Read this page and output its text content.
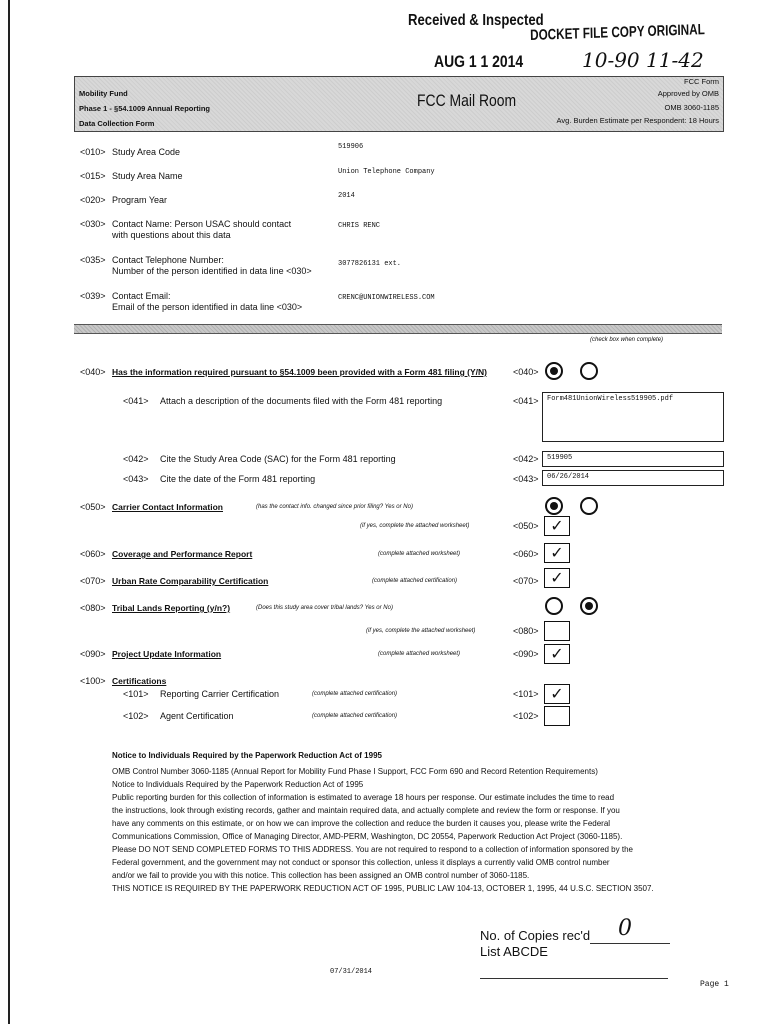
Received & Inspected
DOCKET FILE COPY ORIGINAL
AUG 1 1 2014	10-90 11-42
Mobility Fund
Phase 1 - §54.1009 Annual Reporting
Data Collection Form
FCC Mail Room
FCC Form
Approved by OMB
OMB 3060-1185
Avg. Burden Estimate per Respondent: 18 Hours
<010> Study Area Code	519906
<015> Study Area Name	Union Telephone Company
<020> Program Year	2014
<030> Contact Name: Person USAC should contact
with questions about this data
CHRIS RENC
<035> Contact Telephone Number:
Number of the person identified in data line <030>
3077826131 ext.
<039> Contact Email:
Email of the person identified in data line <030>
CRENC@UNIONWIRELESS.COM
(check box when complete)
<040> Has the information required pursuant to §54.1009 been provided with a Form 481 filing (Y/N)	<040>
<041> Attach a description of the documents filed with the Form 481 reporting	<041> Form481UnionWireless519905.pdf
<042> Cite the Study Area Code (SAC) for the Form 481 reporting	<042> 519905
<043> Cite the date of the Form 481 reporting	<043> 06/26/2014
<050> Carrier Contact Information	(has the contact info. changed since prior filing? Yes or No)
(if yes, complete the attached worksheet)	<050> ✓
<060> Coverage and Performance Report	(complete attached worksheet)	<060> ✓
<070> Urban Rate Comparability Certification	(complete attached certification)	<070> ✓
<080> Tribal Lands Reporting (y/n?)	(Does this study area cover tribal lands? Yes or No)
(if yes, complete the attached worksheet)	<080>
<090> Project Update Information	(complete attached worksheet)	<090> ✓
<100> Certifications
<101> Reporting Carrier Certification	(complete attached certification)	<101> ✓
<102> Agent Certification	(complete attached certification)	<102>
Notice to Individuals Required by the Paperwork Reduction Act of 1995
OMB Control Number 3060-1185 (Annual Report for Mobility Fund Phase I Support, FCC Form 690 and Record Retention Requirements)
Notice to Individuals Required by the Paperwork Reduction Act of 1995
Public reporting burden for this collection of information is estimated to average 18 hours per response. Our estimate includes the time to read
the instructions, look through existing records, gather and maintain required data, and actually complete and review the form or response. If you
have any comments on this estimate, or on how we can improve the collection and reduce the burden it causes you, please write the Federal
Communications Commission, Office of Managing Director, AMD-PERM, Washington, DC 20554, Paperwork Reduction Act Project (3060-1185).
Please DO NOT SEND COMPLETED FORMS TO THIS ADDRESS. You are not required to respond to a collection of information sponsored by the
Federal government, and the government may not conduct or sponsor this collection, unless it displays a currently valid OMB control number
and/or we fail to provide you with this notice. This collection has been assigned an OMB control number of 3060-1185.
THIS NOTICE IS REQUIRED BY THE PAPERWORK REDUCTION ACT OF 1995, PUBLIC LAW 104-13, OCTOBER 1, 1995, 44 U.S.C. SECTION 3507.
No. of Copies rec'd 0
List ABCDE
07/31/2014
Page 1
